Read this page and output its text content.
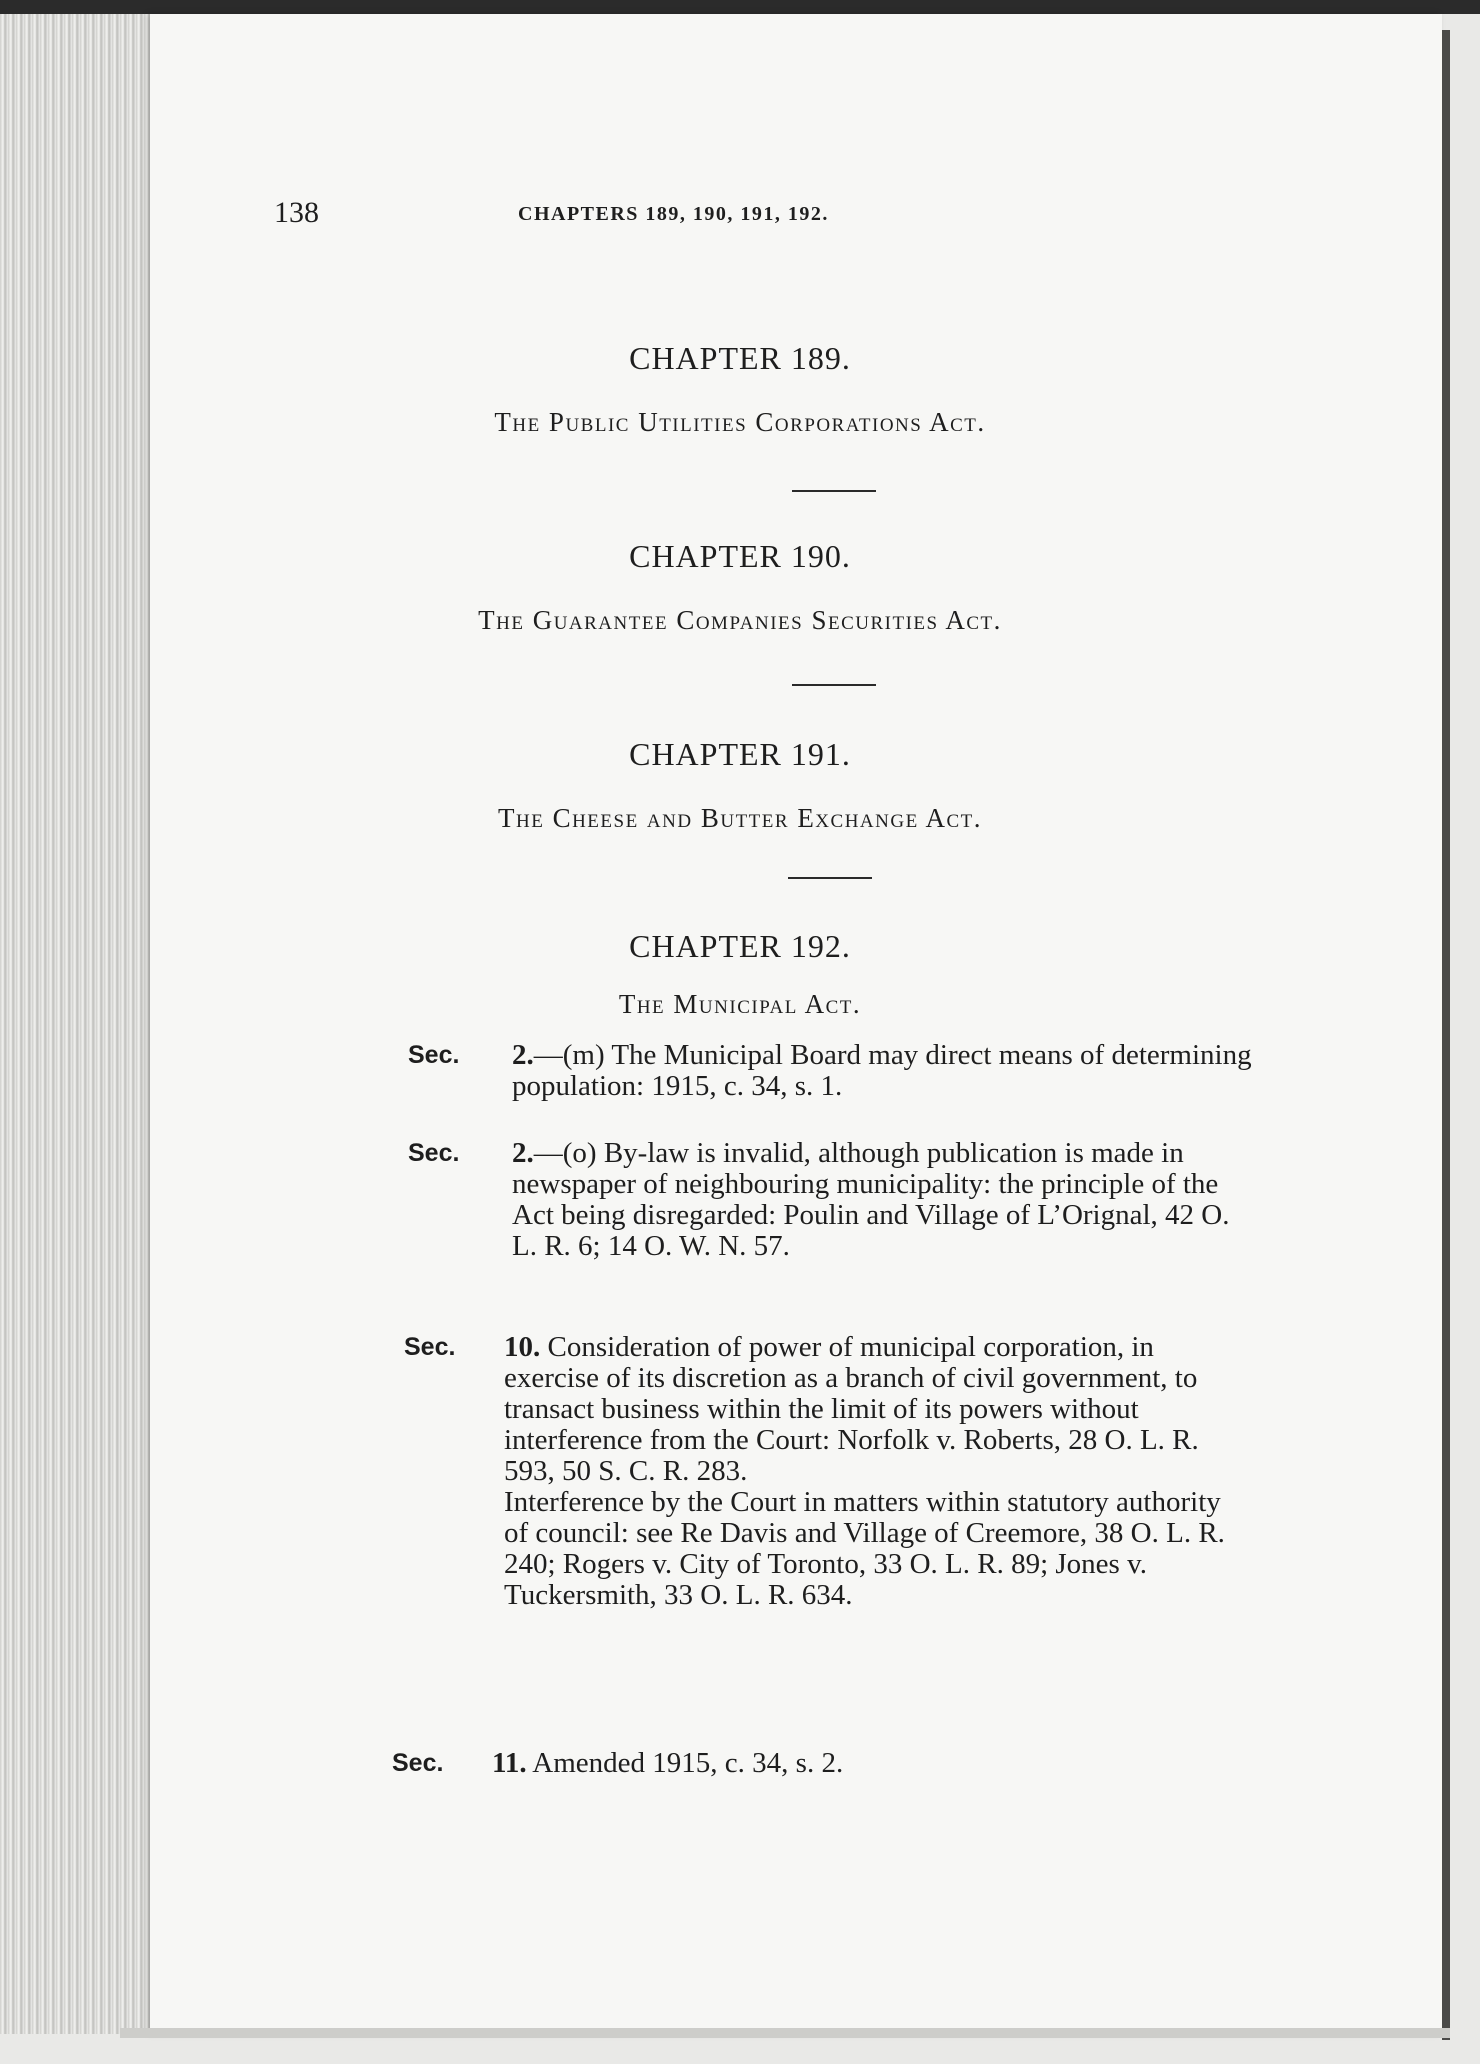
138	CHAPTERS 189, 190, 191, 192.
CHAPTER 189.
The Public Utilities Corporations Act.
CHAPTER 190.
The Guarantee Companies Securities Act.
CHAPTER 191.
The Cheese and Butter Exchange Act.
CHAPTER 192.
The Municipal Act.
Sec. 2.—(m) The Municipal Board may direct means of determining population: 1915, c. 34, s. 1.
Sec. 2.—(o) By-law is invalid, although publication is made in newspaper of neighbouring municipality: the principle of the Act being disregarded: Poulin and Village of L’Orignal, 42 O. L. R. 6; 14 O. W. N. 57.
Sec. 10. Consideration of power of municipal corporation, in exercise of its discretion as a branch of civil government, to transact business within the limit of its powers without interference from the Court: Norfolk v. Roberts, 28 O. L. R. 593, 50 S. C. R. 283.
Interference by the Court in matters within statutory authority of council: see Re Davis and Village of Creemore, 38 O. L. R. 240; Rogers v. City of Toronto, 33 O. L. R. 89; Jones v. Tuckersmith, 33 O. L. R. 634.
Sec. 11. Amended 1915, c. 34, s. 2.
